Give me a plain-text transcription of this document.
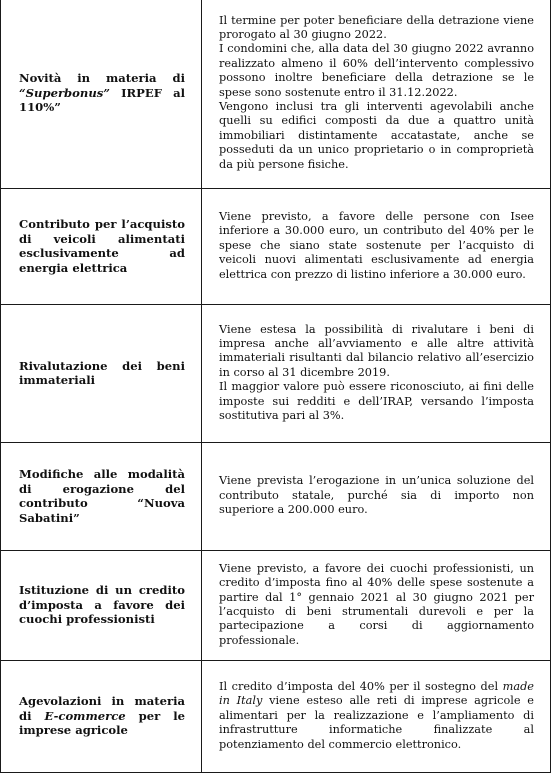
Novità in materia di “Superbonus” IRPEF al 110%”	Il termine per poter beneficiare della detrazione viene prorogato al 30 giugno 2022.

I condomini che, alla data del 30 giugno 2022 avranno realizzato almeno il 60% dell’intervento complessivo possono inoltre beneficiare della detrazione se le spese sono sostenute entro il 31.12.2022.

Vengono inclusi tra gli interventi agevolabili anche quelli su edifici composti da due a quattro unità immobiliari distintamente accatastate, anche se posseduti da un unico proprietario o in comproprietà da più persone fisiche.

Contributo per l’acquisto di veicoli alimentati esclusivamente ad energia elettrica	Viene previsto, a favore delle persone con Isee inferiore a 30.000 euro, un contributo del 40% per le spese che siano state sostenute per l’acquisto di veicoli nuovi alimentati esclusivamente ad energia elettrica con prezzo di listino inferiore a 30.000 euro.

Rivalutazione dei beni immateriali	Viene estesa la possibilità di rivalutare i beni di impresa anche all’avviamento e alle altre attività immateriali risultanti dal bilancio relativo all’esercizio in corso al 31 dicembre 2019.

Il maggior valore può essere riconosciuto, ai fini delle imposte sui redditi e dell’IRAP, versando l’imposta sostitutiva pari al 3%.

Modifiche alle modalità di erogazione del contributo “Nuova Sabatini”	Viene prevista l’erogazione in un’unica soluzione del contributo statale, purché sia di importo non superiore a 200.000 euro.

Istituzione di un credito d’imposta a favore dei cuochi professionisti	Viene previsto, a favore dei cuochi professionisti, un credito d’imposta fino al 40% delle spese sostenute a partire dal 1° gennaio 2021 al 30 giugno 2021 per l’acquisto di beni strumentali durevoli e per la partecipazione a corsi di aggiornamento professionale.

Agevolazioni in materia di E-commerce per le imprese agricole	Il credito d’imposta del 40% per il sostegno del made in Italy viene esteso alle reti di imprese agricole e alimentari per la realizzazione e l’ampliamento di infrastrutture informatiche finalizzate al potenziamento del commercio elettronico.
